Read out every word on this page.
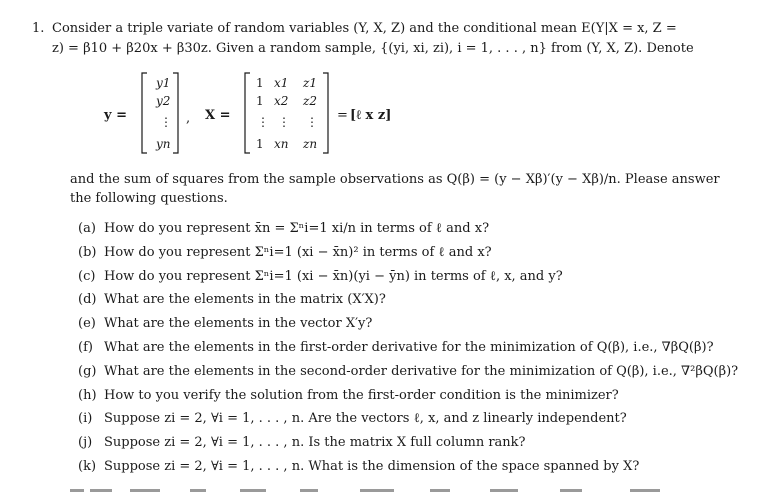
1. Consider a triple variate of random variables (Y, X, Z) and the conditional mean E(Y|X = x, Z =
z) = β10 + β20x + β30z. Given a random sample, {(yi, xi, zi), i = 1, . . . , n} from (Y, X, Z). Denote
y =
y1
y2
⋮
yn
, X =
1 x1 z1
1 x2 z2
⋮ ⋮ ⋮
1 xn zn
= [ℓ x z]
and the sum of squares from the sample observations as Q(β) = (y − Xβ)′(y − Xβ)/n. Please answer
the following questions.
(a) How do you represent x̄n = Σⁿi=1 xi/n in terms of ℓ and x?
(b) How do you represent Σⁿi=1 (xi − x̄n)² in terms of ℓ and x?
(c) How do you represent Σⁿi=1 (xi − x̄n)(yi − ȳn) in terms of ℓ, x, and y?
(d) What are the elements in the matrix (X′X)?
(e) What are the elements in the vector X′y?
(f) What are the elements in the first-order derivative for the minimization of Q(β), i.e., ∇βQ(β)?
(g) What are the elements in the second-order derivative for the minimization of Q(β), i.e., ∇²βQ(β)?
(h) How to you verify the solution from the first-order condition is the minimizer?
(i) Suppose zi = 2, ∀i = 1, . . . , n. Are the vectors ℓ, x, and z linearly independent?
(j) Suppose zi = 2, ∀i = 1, . . . , n. Is the matrix X full column rank?
(k) Suppose zi = 2, ∀i = 1, . . . , n. What is the dimension of the space spanned by X?
